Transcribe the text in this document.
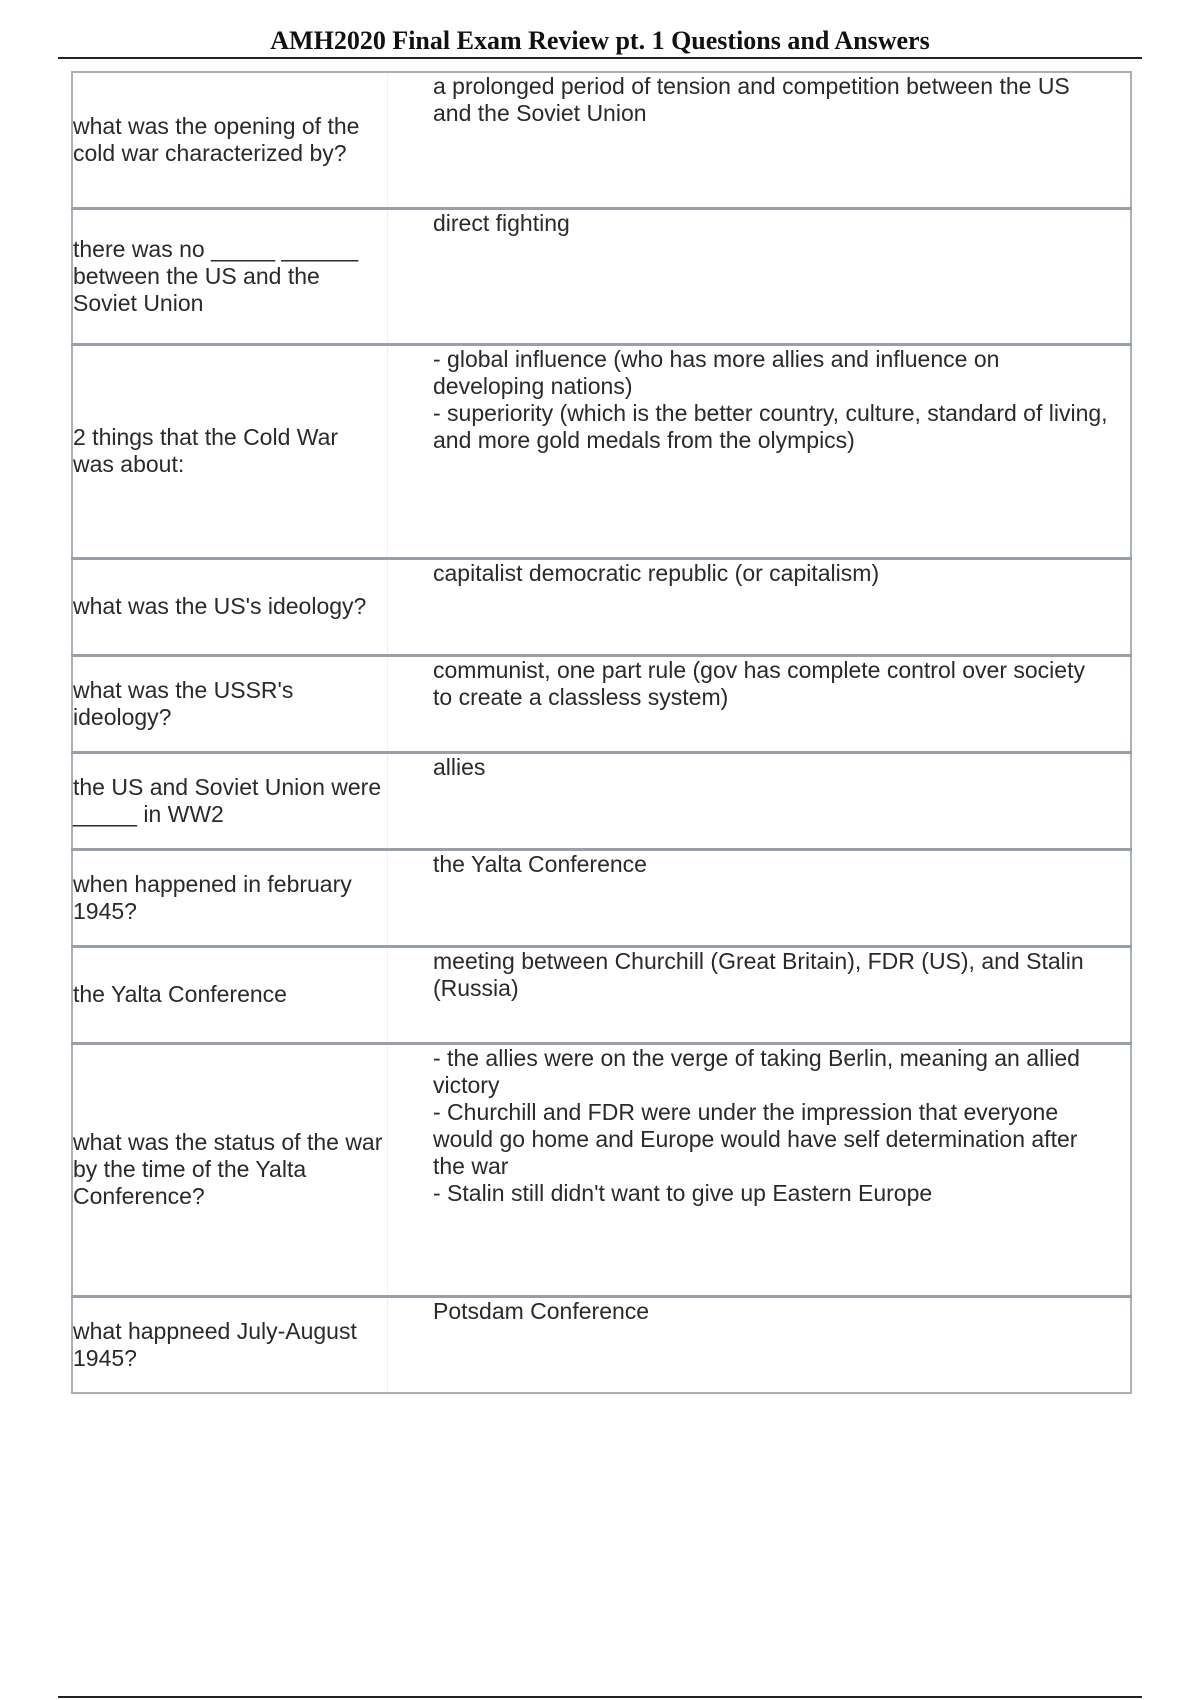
AMH2020 Final Exam Review pt. 1 Questions and Answers
what was the opening of the cold war characterized by?	a prolonged period of tension and competition between the US and the Soviet Union
there was no _____ ______ between the US and the Soviet Union	direct fighting
2 things that the Cold War was about:	- global influence (who has more allies and influence on developing nations)
- superiority (which is the better country, culture, standard of living, and more gold medals from the olympics)
what was the US's ideology?	capitalist democratic republic (or capitalism)
what was the USSR's ideology?	communist, one part rule (gov has complete control over society to create a classless system)
the US and Soviet Union were _____ in WW2	allies
when happened in february 1945?	the Yalta Conference
the Yalta Conference	meeting between Churchill (Great Britain), FDR (US), and Stalin (Russia)
what was the status of the war by the time of the Yalta Conference?	- the allies were on the verge of taking Berlin, meaning an allied victory
- Churchill and FDR were under the impression that everyone would go home and Europe would have self determination after the war
- Stalin still didn't want to give up Eastern Europe
what happneed July-August 1945?	Potsdam Conference
